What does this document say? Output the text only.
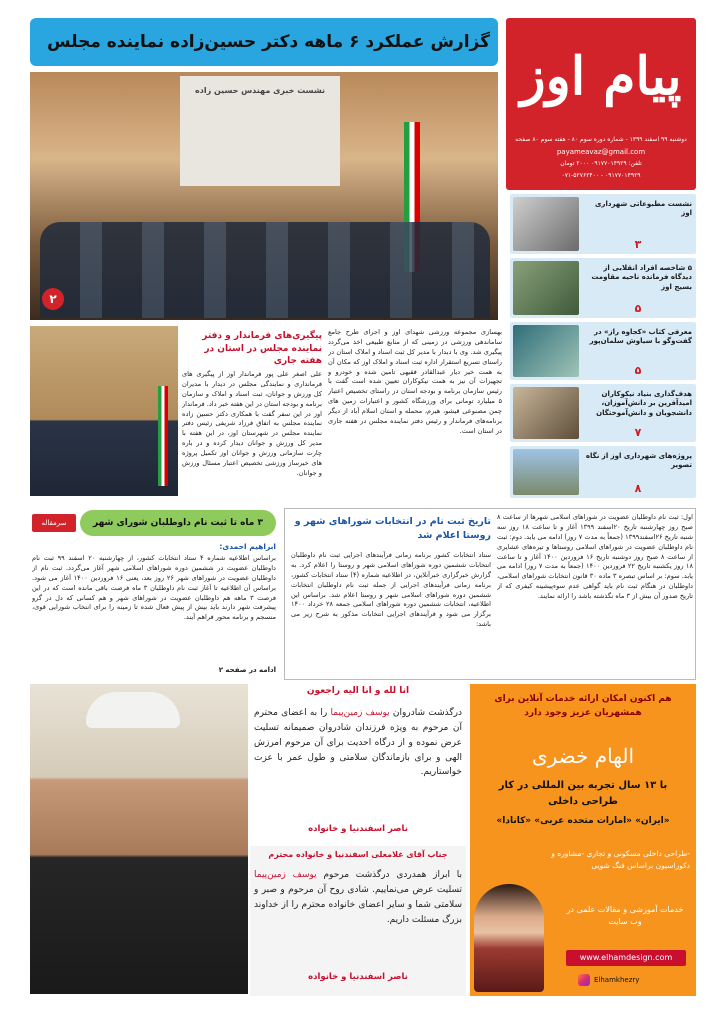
پیام اوز
دوشنبه ۹۹ اسفند ۱۳۹۹ - شماره دوره سوم ۸۰ - هفته سوم ۸۰ صفحه
payameavaz@gmail.com
تلفن: ۰۹۱۷۷۰۱۴۹۲۹ ۲۰۰۰ تومان
۰۷۱-۵۲۷۶۲۴۰۰ - ۰۹۱۷۷۰۱۴۹۲۹
گزارش عملکرد ۶ ماهه دکتر حسین‌زاده نماینده مجلس
نشست خبری مهندس حسین زاده
۲
نشست مطبوعاتی شهرداری اوز
۳
۵ شاخصه افراد انقلابی از دیدگاه فرمانده ناحیه مقاومت بسیج اوز
۵
معرفی کتاب «کجاوه راز» در گفت‌وگو با سیاوش سلمان‌پور
۵
هدف‌گذاری بنیاد نیکوکاران امیدآفرین بر دانش‌آموزان، دانشجویان و دانش‌آموختگان
۷
پروژه‌های شهرداری اوز از نگاه تصویر
۸
پیگیری‌های فرماندار و دفتر نماینده مجلس در استان در هفته جاری
علی اصغر علی پور فرماندار اوز از پیگیری های فرمانداری و نمایندگی مجلس در دیدار با مدیران کل ورزش و جوانان، ثبت اسناد و املاک و سازمان برنامه و بودجه استان در این هفته خبر داد. فرماندار اوز در این سفر گفت با همکاری دکتر حسین زاده نماینده مجلس به اتفاق فرزاد شریفی رئیس دفتر نماینده مجلس در شهرستان اوز، در این هفته با مدیر کل ورزش و جوانان دیدار کرده و در باره چارت سازمانی ورزش و جوانان اوز تکمیل پروژه های خیرساز ورزشی تخصیص اعتبار مسئال ورزش و جوانان.
بهسازی مجموعه ورزشی شهدای اوز و اجرای طرح جامع ساماندهی ورزشی در زمینی که از منابع طبیعی اخذ می‌گردد پیگیری شد. وی با دیدار با مدیر کل ثبت اسناد و املاک استان در راستای تسریع استقرار اداره ثبت اسناد و املاک اوز که مکان آن به همت خیر دیار عبدالقادر فقیهی تامین شده و خودرو و تجهیزات آن نیز به همت نیکوکاران تعیین شده است گفت با رئیس سازمان برنامه و بودجه استان در راستای تخصیص اعتبار ۵ میلیارد تومانی برای ورزشگاه کشور و اعتبارات زمین های چمن مصنوعی قیشو، هیرم، محمله و استان اسلام آباد از دیگر برنامه‌های فرماندار و رئیس دفتر نماینده مجلس در هفته جاری در استان است.
تاریخ ثبت نام در انتخابات شوراهای شهر و روستا اعلام شد
ستاد انتخابات کشور برنامه زمانی فرآیندهای اجرایی ثبت نام داوطلبان انتخابات ششمین دوره شوراهای اسلامی شهر و روستا را اعلام کرد. به گزارش خبرگزاری خبرآنلاین، در اطلاعیه شماره (۴) ستاد انتخابات کشور، برنامه زمانی فرآیندهای اجرایی از جمله ثبت نام داوطلبان انتخابات ششمین دوره شوراهای اسلامی شهر و روستا اعلام شد. براساس این اطلاعیه، انتخابات ششمین دوره شوراهای اسلامی جمعه ۲۸ خرداد ۱۴۰۰ برگزار می شود و فرآیندهای اجرایی انتخابات مذکور به شرح زیر می باشد:
اول: ثبت نام داوطلبان عضویت در شوراهای اسلامی شهرها از ساعت ۸ صبح روز چهارشنبه تاریخ ۲۰اسفند ۱۳۹۹ آغاز و تا ساعت ۱۸ روز سه شنبه تاریخ ۲۶اسفند۱۳۹۹ (جمعاً به مدت ۷ روز) ادامه می یابد. دوم: ثبت نام داوطلبان عضویت در شوراهای اسلامی روستاها و تیره‌های عشایری از ساعت ۸ صبح روز دوشنبه تاریخ ۱۶ فروردین ۱۴۰۰ آغاز و تا ساعت ۱۸ روز یکشنبه تاریخ ۲۲ فروردین ۱۴۰۰ (جمعاً به مدت ۷ روز) ادامه می یابد. سوم: بر اساس تبصره ۳ ماده ۳۰ قانون انتخابات شوراهای اسلامی، داوطلبان در هنگام ثبت نام باید گواهی عدم سوءپیشینه کیفری که از تاریخ صدور آن بیش از ۳ ماه نگذشته باشد را ارائه نمایند.
۳ ماه تا ثبت نام داوطلبان شورای شهر
سرمقاله
ابراهیم احمدی:
براساس اطلاعیه شماره ۴ ستاد انتخابات کشور، از چهارشنبه ۲۰ اسفند ۹۹ ثبت نام داوطلبان عضویت در ششمین دوره شوراهای اسلامی شهر آغاز می‌گردد. ثبت نام از داوطلبان عضویت در شوراهای شهر ۲۶ روز بعد، یعنی ۱۶ فروردین ۱۴۰۰ آغاز می شود. براساس آن اطلاعیه تا آغاز ثبت نام داوطلبان ۳ ماه فرصت باقی مانده است که در این فرصت ۳ ماهه هم داوطلبان عضویت در شوراهای شهر و هم کسانی که دل در گرو پیشرفت شهر دارند باید بیش از پیش فعال شده تا زمینه را برای انتخاب شورایی قوی، منسجم و برنامه محور فراهم آیند.
ادامه در صفحه ۲
انا لله و انا الیه راجعون
درگذشت شادروان یوسف زمین‌پیما را به اعضای محترم آن مرحوم به ویژه فرزندان شادروان صمیمانه تسلیت عرض نموده و از درگاه احدیت برای آن مرحوم امرزش الهی و برای بازماندگان سلامتی و طول عمر با عزت خواستاریم.
ناصر اسفندنیا و خانواده
جناب آقای غلامعلی اسفندنیا و خانواده محترم
با ابراز همدردی درگذشت مرحوم یوسف زمین‌پیما تسلیت عرض می‌نماییم. شادی روح آن مرحوم و صبر و سلامتی شما و سایر اعضای خانواده محترم را از خداوند بزرگ مسئلت داریم.
ناصر اسفندنیا و خانواده
هم اکنون امکان ارائه خدمات آنلاین برای همشهریان عزیز وجود دارد
الهام خضری
با ۱۳ سال تجربه بین المللی در کار طراحی داخلی
«ایران» «امارات متحده عربی» «کانادا»
-طراحی داخلی مسکونی و تجاری -مشاوره و دکوراسیون براساس فنگ شویی
خدمات آموزشی و مقالات علمی در وب سایت
www.elhamdesign.com
Elhamkhezry
